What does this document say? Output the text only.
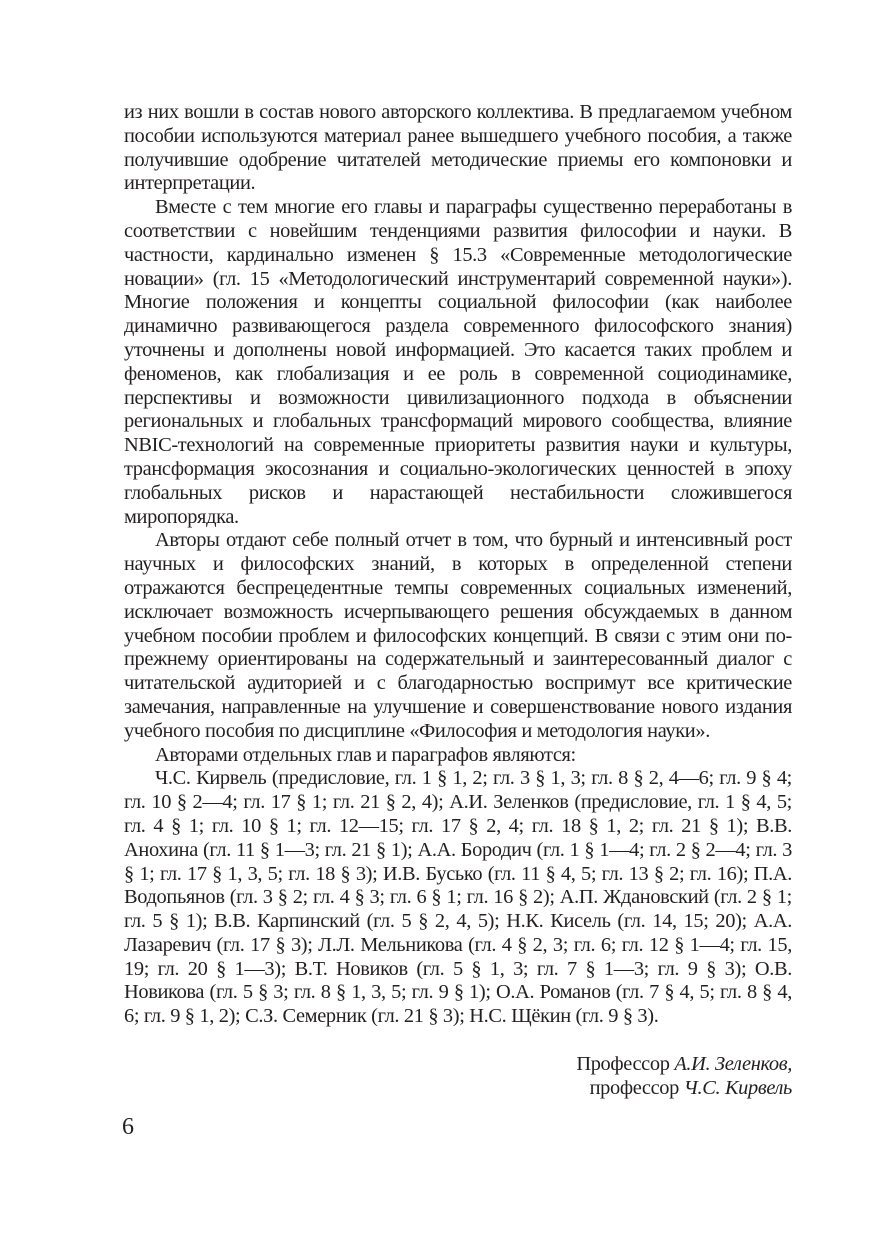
из них вошли в состав нового авторского коллектива. В предлагаемом учебном пособии используются материал ранее вышедшего учебного пособия, а также получившие одобрение читателей методические приемы его компоновки и интерпретации.

Вместе с тем многие его главы и параграфы существенно переработаны в соответствии с новейшим тенденциями развития философии и науки. В частности, кардинально изменен § 15.3 «Современные методологические новации» (гл. 15 «Методологический инструментарий современной науки»). Многие положения и концепты социальной философии (как наиболее динамично развивающегося раздела современного философского знания) уточнены и дополнены новой информацией. Это касается таких проблем и феноменов, как глобализация и ее роль в современной социодинамике, перспективы и возможности цивилизационного подхода в объяснении региональных и глобальных трансформаций мирового сообщества, влияние NBIC-технологий на современные приоритеты развития науки и культуры, трансформация экосознания и социально-экологических ценностей в эпоху глобальных рисков и нарастающей нестабильности сложившегося миропорядка.

Авторы отдают себе полный отчет в том, что бурный и интенсивный рост научных и философских знаний, в которых в определенной степени отражаются беспрецедентные темпы современных социальных изменений, исключает возможность исчерпывающего решения обсуждаемых в данном учебном пособии проблем и философских концепций. В связи с этим они по-прежнему ориентированы на содержательный и заинтересованный диалог с читательской аудиторией и с благодарностью воспримут все критические замечания, направленные на улучшение и совершенствование нового издания учебного пособия по дисциплине «Философия и методология науки».

Авторами отдельных глав и параграфов являются:

Ч.С. Кирвель (предисловие, гл. 1 § 1, 2; гл. 3 § 1, 3; гл. 8 § 2, 4—6; гл. 9 § 4; гл. 10 § 2—4; гл. 17 § 1; гл. 21 § 2, 4); А.И. Зеленков (предисловие, гл. 1 § 4, 5; гл. 4 § 1; гл. 10 § 1; гл. 12—15; гл. 17 § 2, 4; гл. 18 § 1, 2; гл. 21 § 1); В.В. Анохина (гл. 11 § 1—3; гл. 21 § 1); А.А. Бородич (гл. 1 § 1—4; гл. 2 § 2—4; гл. 3 § 1; гл. 17 § 1, 3, 5; гл. 18 § 3); И.В. Бусько (гл. 11 § 4, 5; гл. 13 § 2; гл. 16); П.А. Водопьянов (гл. 3 § 2; гл. 4 § 3; гл. 6 § 1; гл. 16 § 2); А.П. Ждановский (гл. 2 § 1; гл. 5 § 1); В.В. Карпинский (гл. 5 § 2, 4, 5); Н.К. Кисель (гл. 14, 15; 20); А.А. Лазаревич (гл. 17 § 3); Л.Л. Мельникова (гл. 4 § 2, 3; гл. 6; гл. 12 § 1—4; гл. 15, 19; гл. 20 § 1—3); В.Т. Новиков (гл. 5 § 1, 3; гл. 7 § 1—3; гл. 9 § 3); О.В. Новикова (гл. 5 § 3; гл. 8 § 1, 3, 5; гл. 9 § 1); О.А. Романов (гл. 7 § 4, 5; гл. 8 § 4, 6; гл. 9 § 1, 2); С.З. Семерник (гл. 21 § 3); Н.С. Щёкин (гл. 9 § 3).

Профессор А.И. Зеленков,
профессор Ч.С. Кирвель
6
